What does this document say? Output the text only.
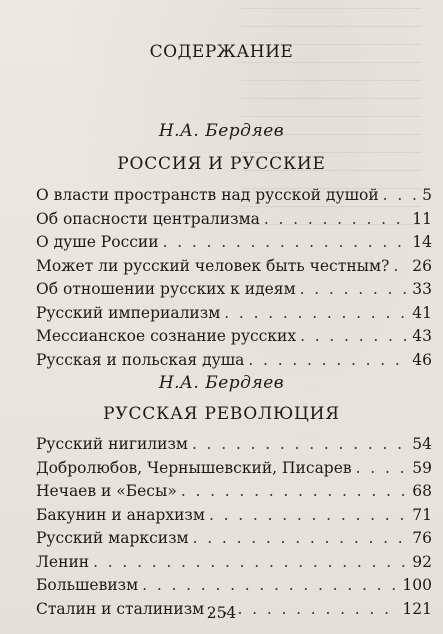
СОДЕРЖАНИЕ
Н.А. Бердяев
РОССИЯ И РУССКИЕ
О власти пространств над русской душой . . .	5
Об опасности централизма . . .	11
О душе России . . .	14
Может ли русский человек быть честным? . . . 26
Об отношении русских к идеям . . .	33
Русский империализм . . .	41
Мессианское сознание русских . . .	43
Русская и польская душа . . .	46
Н.А. Бердяев
РУССКАЯ РЕВОЛЮЦИЯ
Русский нигилизм . . .	54
Добролюбов, Чернышевский, Писарев . . .	59
Нечаев и «Бесы» . . .	68
Бакунин и анархизм . . .	71
Русский марксизм . . .	76
Ленин . . .	92
Большевизм . . .	100
Сталин и сталинизм . . .	121
254
